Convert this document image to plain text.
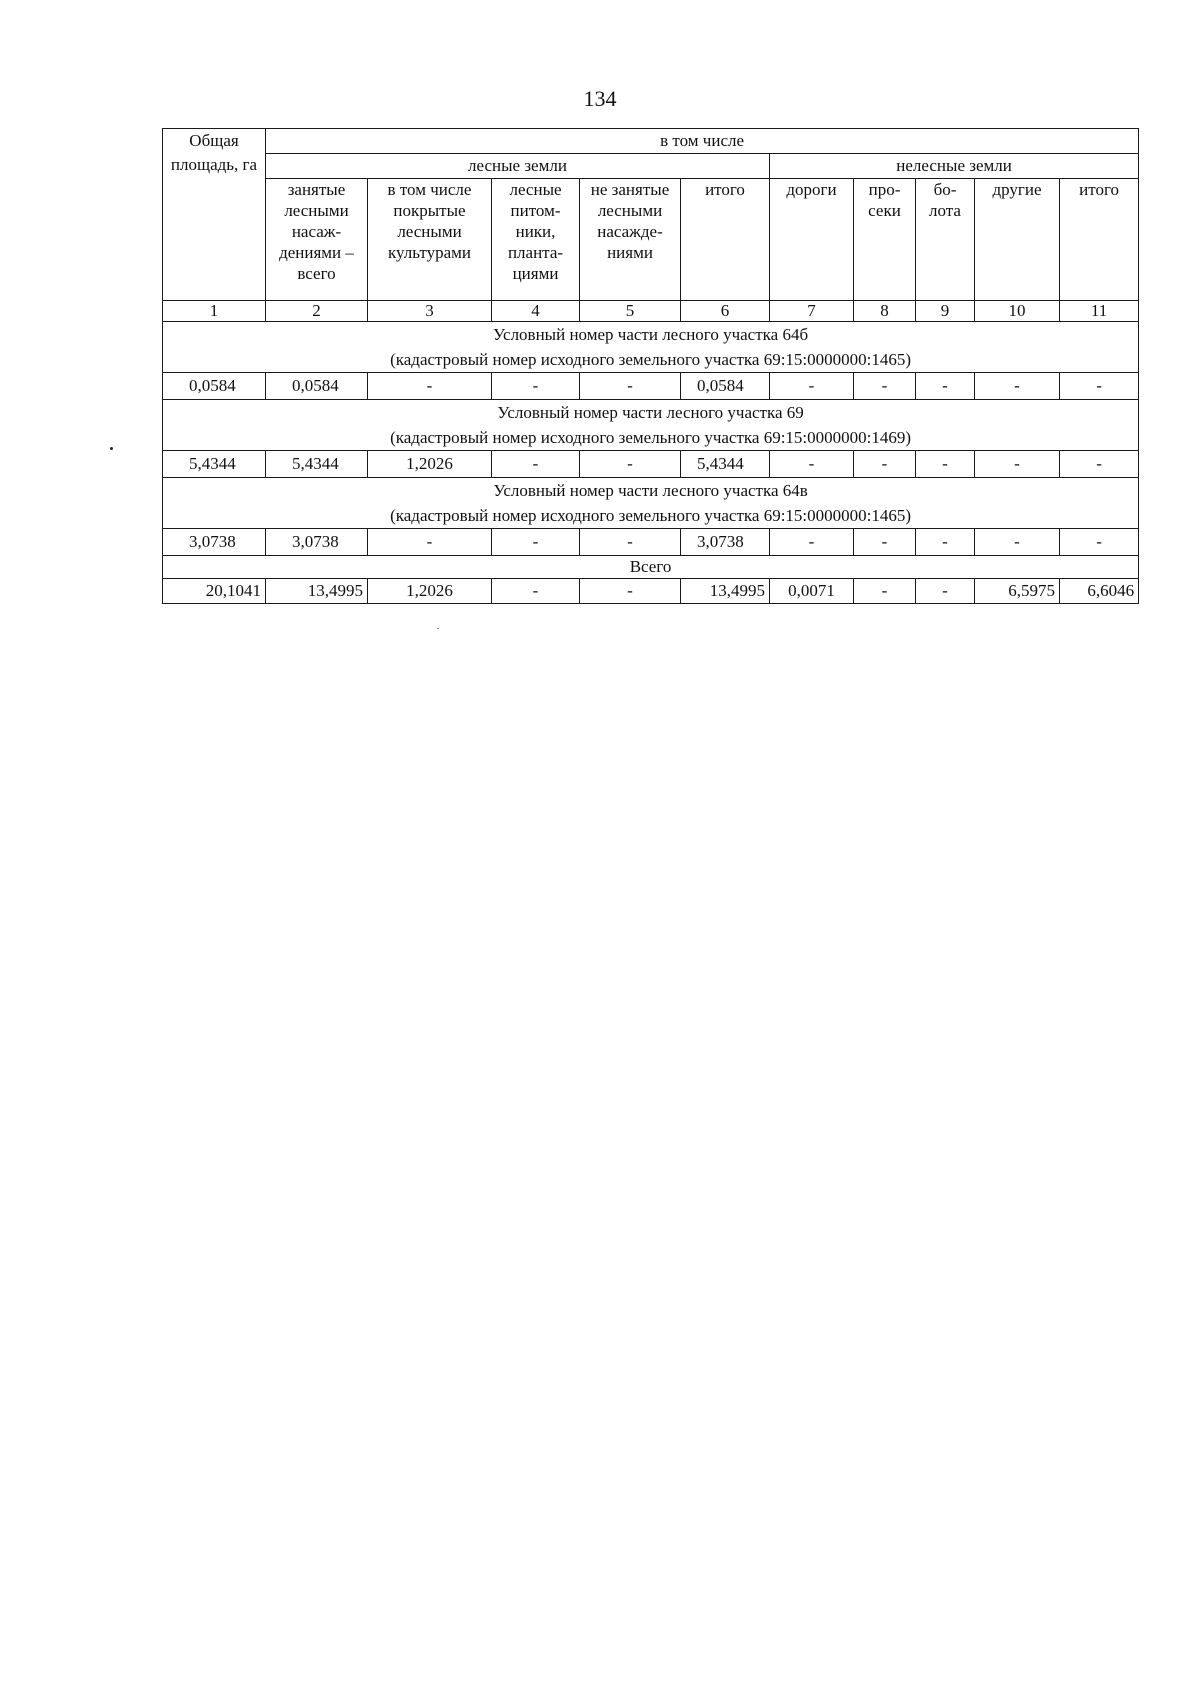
134
Общая площадь, га	в том числе									
	лесные земли					нелесные земли				
	занятые лесными насаж-дениями – всего	в том числе покрытые лесными культурами	лесные питом-ники, планта-циями	не занятые лесными насажде-ниями	итого	дороги	про-секи	бо-лота	другие	итого
1	2	3	4	5	6	7	8	9	10	11

Условный номер части лесного участка 64б
(кадастровый номер исходного земельного участка 69:15:0000000:1465)										

0,0584	0,0584	-	-	-	0,0584	-	-	-	-	-

Условный номер части лесного участка 69
(кадастровый номер исходного земельного участка 69:15:0000000:1469)										

5,4344	5,4344	1,2026	-	-	5,4344	-	-	-	-	-

Условный номер части лесного участка 64в
(кадастровый номер исходного земельного участка 69:15:0000000:1465)										

3,0738	3,0738	-	-	-	3,0738	-	-	-	-	-
Всего										
20,1041	13,4995	1,2026	-	-	13,4995	0,0071	-	-	6,5975	6,6046
